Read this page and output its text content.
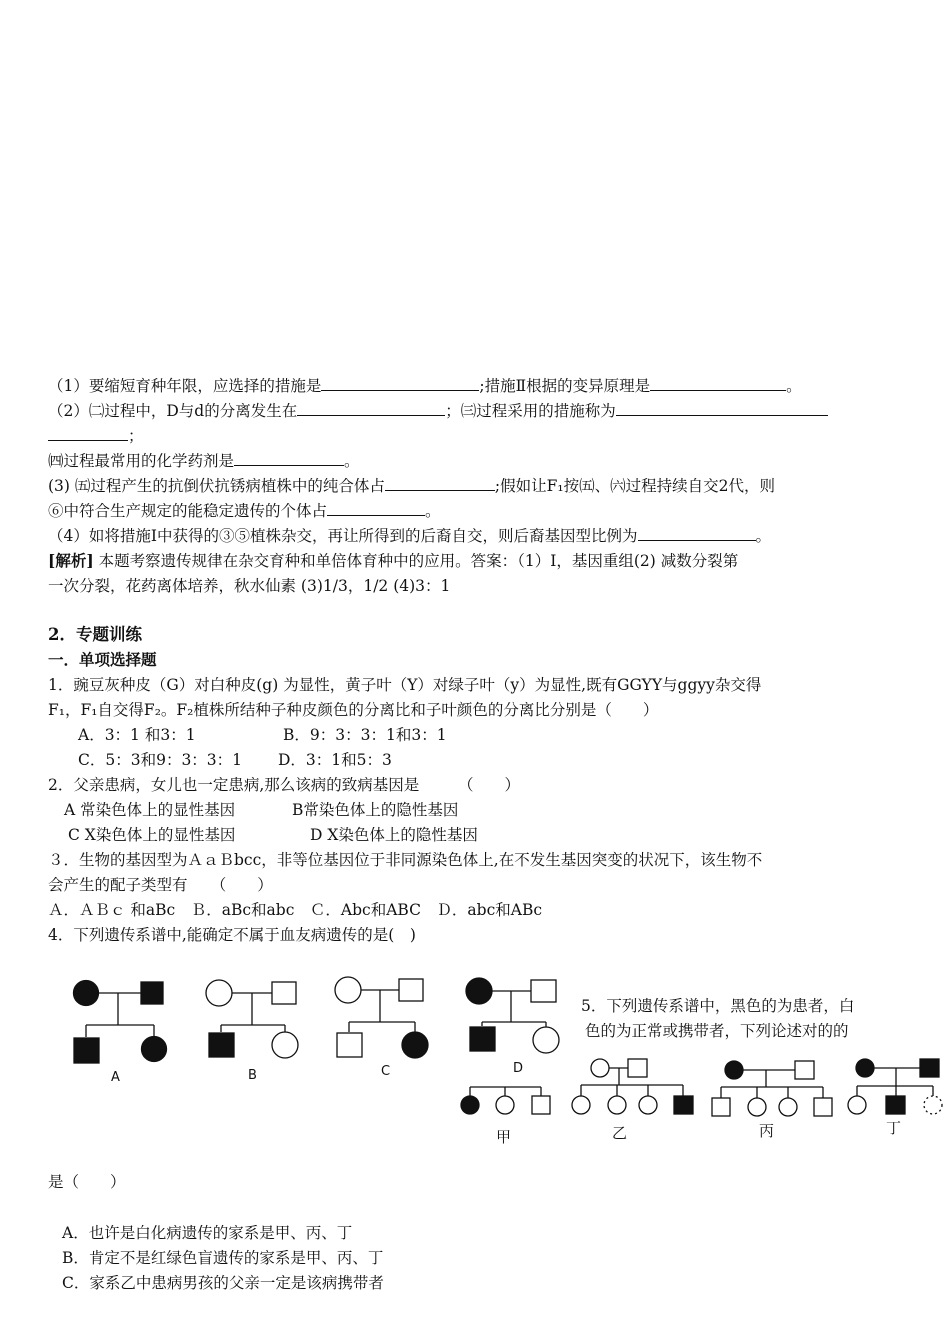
（1）要缩短育种年限，应选择的措施是	;措施Ⅱ根据的变异原理是	。
（2）㈡过程中，D与d的分离发生在	；㈢过程采用的措施称为
；
㈣过程最常用的化学药剂是	。
(3) ㈤过程产生的抗倒伏抗锈病植株中的纯合体占	;假如让F₁按㈤、㈥过程持续自交2代，则
⑥中符合生产规定的能稳定遗传的个体占	。
（4）如将措施Ⅰ中获得的③⑤植株杂交，再让所得到的后裔自交，则后裔基因型比例为	。
[解析] 本题考察遗传规律在杂交育种和单倍体育种中的应用。答案：（1）Ⅰ，基因重组(2) 减数分裂第
一次分裂，花药离体培养，秋水仙素 (3)1/3，1/2 (4)3：1
2．专题训练
一．单项选择题
1．豌豆灰种皮（G）对白种皮(g) 为显性，黄子叶（Y）对绿子叶（y）为显性,既有GGYY与ggyy杂交得
F₁，F₁自交得F₂。F₂植株所结种子种皮颜色的分离比和子叶颜色的分离比分别是（　　）
A．3：1 和3：1	B．9：3：3：1和3：1
C．5：3和9：3：3：1 D．3：1和5：3
2．父亲患病，女儿也一定患病,那么该病的致病基因是　　　（　　）
A 常染色体上的显性基因	B常染色体上的隐性基因
C X染色体上的显性基因	D X染色体上的隐性基因
３．生物的基因型为ＡａＢbcc，非等位基因位于非同源染色体上,在不发生基因突变的状况下，该生物不
会产生的配子类型有　　（　　）
Ａ．ＡＢｃ 和aBc　Ｂ．aBc和abc　Ｃ．Abc和ABC　Ｄ．abc和ABc
4．下列遗传系谱中,能确定不属于血友病遗传的是(　)
A	B	C	D
5．下列遗传系谱中，黑色的为患者，白
色的为正常或携带者，下列论述对的的
甲	乙	丙	丁
是（　　）
A．也许是白化病遗传的家系是甲、丙、丁
B．肯定不是红绿色盲遗传的家系是甲、丙、丁
C．家系乙中患病男孩的父亲一定是该病携带者
